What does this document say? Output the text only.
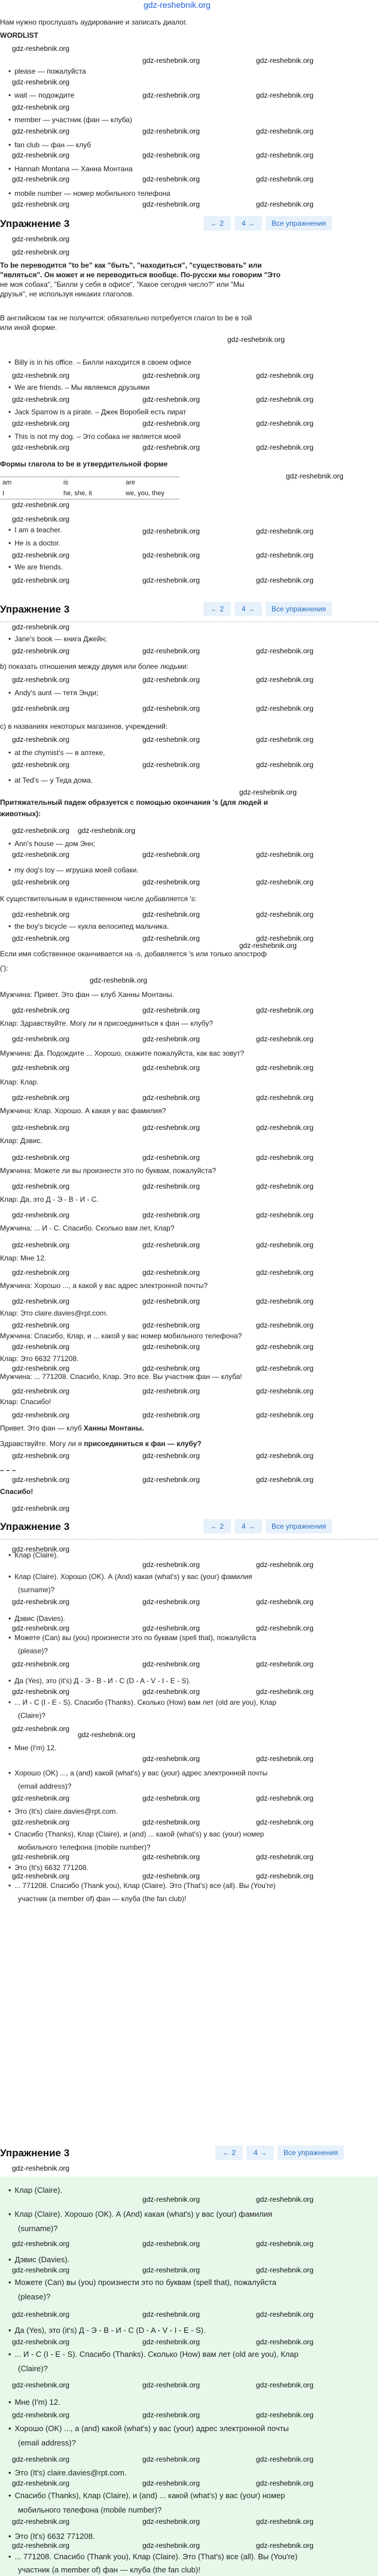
gdz-reshebnik.org
Нам нужно прослушать аудирование и записать диалог.
WORDLIST
• please — пожалуйста
• wait — подождите
• member — участник (фан — клуба)
• fan club — фан — клуб
• Hannah Montana — Ханна Монтана
• mobile number — номер мобильного телефона
Упражнение 3	← 2	4 →	Все упражнения
To be переводится "to be" как "быть", "находиться", "существовать" или
"являться". Он может и не переводиться вообще. По-русски мы говорим "Это
не моя собака", "Билли у себя в офисе", "Какое сегодня число?" или "Мы
друзья", не используя никаких глаголов.
В английском так не получится: обязательно потребуется глагол to be в той
или иной форме.
• Billy is in his office. – Билли находится в своем офисе
• We are friends. – Мы являемся друзьями
• Jack Sparrow is a pirate. – Джек Воробей есть пират
• This is not my dog. – Это собака не является моей
Формы глагола to be в утвердительной форме
am	is	are
I	he, she, it	we, you, they
• I am a teacher.
• He is a doctor.
• We are friends.
Упражнение 3	← 2	4 →	Все упражнения
• Jane's book — книга Джейн;
b) показать отношения между двумя или более людьми:
• Andy's aunt — тетя Энди;
c) в названиях некоторых магазинов, учреждений:
• at the chymist's — в аптеке,
• at Ted's — у Теда дома.
Притяжательный падеж образуется с помощью окончания 's (для людей и
животных):
• Ann's house — дом Энн;
• my dog's toy — игрушка моей собаки.
К существительным в единственном числе добавляется 's:
• the boy's bicycle — кукла велосипед мальчика.
Если имя собственное оканчивается на -s, добавляется 's или только апостроф
('):
Мужчина: Привет. Это фан — клуб Ханны Монтаны.
Клар: Здравствуйте. Могу ли я присоединиться к фан — клубу?
Мужчина: Да. Подождите ... Хорошо, скажите пожалуйста, как вас зовут?
Клар: Клар.
Мужчина: Клар. Хорошо. А какая у вас фамилия?
Клар: Дэвис.
Мужчина: Можете ли вы произнести это по буквам, пожалуйста?
Клар: Да, это Д - Э - В - И - С.
Мужчина: ... И - С. Спасибо. Сколько вам лет, Клар?
Клар: Мне 12.
Мужчина: Хорошо ..., а какой у вас адрес электронной почты?
Клар: Это claire.davies@rpt.com.
Мужчина: Спасибо, Клар, и ... какой у вас номер мобильного телефона?
Клар: Это 6632 771208.
Мужчина: ... 771208. Спасибо, Клар. Это все. Вы участник фан — клуба!
Клар: Спасибо!
Привет. Это фан — клуб Ханны Монтаны.
Здравствуйте. Могу ли я присоединиться к фан — клубу?
– – –
Спасибо!
Упражнение 3	← 2	4 →	Все упражнения
• Клар (Claire).
• Клар (Claire). Хорошо (OK). А (And) какая (what's) у вас (your) фамилия
(surname)?
• Дэвис (Davies).
• Можете (Can) вы (you) произнести это по буквам (spell that), пожалуйста
(please)?
• Да (Yes), это (it's) Д - Э - В - И - С (D - A - V - I - E - S).
• ... И - С (I - E - S). Спасибо (Thanks). Сколько (How) вам лет (old are you), Клар
(Claire)?
• Мне (I'm) 12.
• Хорошо (OK) ..., а (and) какой (what's) у вас (your) адрес электронной почты
(email address)?
• Это (It's) claire.davies@rpt.com.
• Спасибо (Thanks), Клар (Claire), и (and) ... какой (what's) у вас (your) номер
мобильного телефона (mobile number)?
• Это (It's) 6632 771208.
• ... 771208. Спасибо (Thank you), Клар (Claire). Это (That's) все (all). Вы (You're)
участник (a member of) фан — клуба (the fan club)!
Упражнение 3	← 2	4 →	Все упражнения
• Клар (Claire).
• Клар (Claire). Хорошо (OK). А (And) какая (what's) у вас (your) фамилия
(surname)?
• Дэвис (Davies).
• Можете (Can) вы (you) произнести это по буквам (spell that), пожалуйста
(please)?
• Да (Yes), это (it's) Д - Э - В - И - С (D - A - V - I - E - S).
• ... И - С (I - E - S). Спасибо (Thanks). Сколько (How) вам лет (old are you), Клар
(Claire)?
• Мне (I'm) 12.
• Хорошо (OK) ..., а (and) какой (what's) у вас (your) адрес электронной почты
(email address)?
• Это (It's) claire.davies@rpt.com.
• Спасибо (Thanks), Клар (Claire), и (and) ... какой (what's) у вас (your) номер
мобильного телефона (mobile number)?
• Это (It's) 6632 771208.
• ... 771208. Спасибо (Thank you), Клар (Claire). Это (That's) все (all). Вы (You're)
участник (a member of) фан — клуба (the fan club)!
gdz-reshebnik.org
gdz-reshebnik.org	gdz-reshebnik.org
gdz-reshebnik.org
gdz-reshebnik.org
gdz-reshebnik.org	gdz-reshebnik.org
gdz-reshebnik.org	gdz-reshebnik.org	gdz-reshebnik.org
gdz-reshebnik.org	gdz-reshebnik.org	gdz-reshebnik.org
gdz-reshebnik.org	gdz-reshebnik.org	gdz-reshebnik.org
gdz-reshebnik.org	gdz-reshebnik.org	gdz-reshebnik.org
gdz-reshebnik.org
gdz-reshebnik.org
gdz-reshebnik.org
gdz-reshebnik.org	gdz-reshebnik.org	gdz-reshebnik.org
gdz-reshebnik.org	gdz-reshebnik.org	gdz-reshebnik.org
gdz-reshebnik.org	gdz-reshebnik.org	gdz-reshebnik.org
gdz-reshebnik.org	gdz-reshebnik.org	gdz-reshebnik.org
gdz-reshebnik.org
gdz-reshebnik.org
gdz-reshebnik.org
gdz-reshebnik.org	gdz-reshebnik.org
gdz-reshebnik.org	gdz-reshebnik.org	gdz-reshebnik.org
gdz-reshebnik.org	gdz-reshebnik.org	gdz-reshebnik.org
gdz-reshebnik.org
gdz-reshebnik.org	gdz-reshebnik.org	gdz-reshebnik.org
gdz-reshebnik.org	gdz-reshebnik.org	gdz-reshebnik.org
gdz-reshebnik.org	gdz-reshebnik.org	gdz-reshebnik.org
gdz-reshebnik.org	gdz-reshebnik.org	gdz-reshebnik.org
gdz-reshebnik.org	gdz-reshebnik.org	gdz-reshebnik.org
gdz-reshebnik.org
gdz-reshebnik.org gdz-reshebnik.org
gdz-reshebnik.org	gdz-reshebnik.org	gdz-reshebnik.org
gdz-reshebnik.org	gdz-reshebnik.org	gdz-reshebnik.org
gdz-reshebnik.org	gdz-reshebnik.org	gdz-reshebnik.org
gdz-reshebnik.org	gdz-reshebnik.org	gdz-reshebnik.org
gdz-reshebnik.org
gdz-reshebnik.org
gdz-reshebnik.org	gdz-reshebnik.org	gdz-reshebnik.org
gdz-reshebnik.org	gdz-reshebnik.org	gdz-reshebnik.org
gdz-reshebnik.org	gdz-reshebnik.org	gdz-reshebnik.org
gdz-reshebnik.org	gdz-reshebnik.org	gdz-reshebnik.org
gdz-reshebnik.org	gdz-reshebnik.org	gdz-reshebnik.org
gdz-reshebnik.org	gdz-reshebnik.org	gdz-reshebnik.org
gdz-reshebnik.org	gdz-reshebnik.org	gdz-reshebnik.org
gdz-reshebnik.org	gdz-reshebnik.org	gdz-reshebnik.org
gdz-reshebnik.org	gdz-reshebnik.org	gdz-reshebnik.org
gdz-reshebnik.org	gdz-reshebnik.org	gdz-reshebnik.org
gdz-reshebnik.org	gdz-reshebnik.org	gdz-reshebnik.org
gdz-reshebnik.org	gdz-reshebnik.org	gdz-reshebnik.org
gdz-reshebnik.org	gdz-reshebnik.org	gdz-reshebnik.org
gdz-reshebnik.org	gdz-reshebnik.org	gdz-reshebnik.org
gdz-reshebnik.org	gdz-reshebnik.org	gdz-reshebnik.org
gdz-reshebnik.org	gdz-reshebnik.org	gdz-reshebnik.org
gdz-reshebnik.org	gdz-reshebnik.org	gdz-reshebnik.org
gdz-reshebnik.org	gdz-reshebnik.org	gdz-reshebnik.org
gdz-reshebnik.org
gdz-reshebnik.org
gdz-reshebnik.org	gdz-reshebnik.org
gdz-reshebnik.org	gdz-reshebnik.org	gdz-reshebnik.org
gdz-reshebnik.org	gdz-reshebnik.org	gdz-reshebnik.org
gdz-reshebnik.org	gdz-reshebnik.org	gdz-reshebnik.org
gdz-reshebnik.org	gdz-reshebnik.org	gdz-reshebnik.org
gdz-reshebnik.org
gdz-reshebnik.org
gdz-reshebnik.org	gdz-reshebnik.org
gdz-reshebnik.org	gdz-reshebnik.org	gdz-reshebnik.org
gdz-reshebnik.org	gdz-reshebnik.org	gdz-reshebnik.org
gdz-reshebnik.org	gdz-reshebnik.org	gdz-reshebnik.org
gdz-reshebnik.org	gdz-reshebnik.org	gdz-reshebnik.org
gdz-reshebnik.org
gdz-reshebnik.org	gdz-reshebnik.org
gdz-reshebnik.org	gdz-reshebnik.org	gdz-reshebnik.org
gdz-reshebnik.org	gdz-reshebnik.org	gdz-reshebnik.org
gdz-reshebnik.org	gdz-reshebnik.org	gdz-reshebnik.org
gdz-reshebnik.org	gdz-reshebnik.org	gdz-reshebnik.org
gdz-reshebnik.org	gdz-reshebnik.org	gdz-reshebnik.org
gdz-reshebnik.org	gdz-reshebnik.org	gdz-reshebnik.org
gdz-reshebnik.org	gdz-reshebnik.org	gdz-reshebnik.org
gdz-reshebnik.org	gdz-reshebnik.org	gdz-reshebnik.org
gdz-reshebnik.org	gdz-reshebnik.org	gdz-reshebnik.org
gdz-reshebnik.org	gdz-reshebnik.org	gdz-reshebnik.org
